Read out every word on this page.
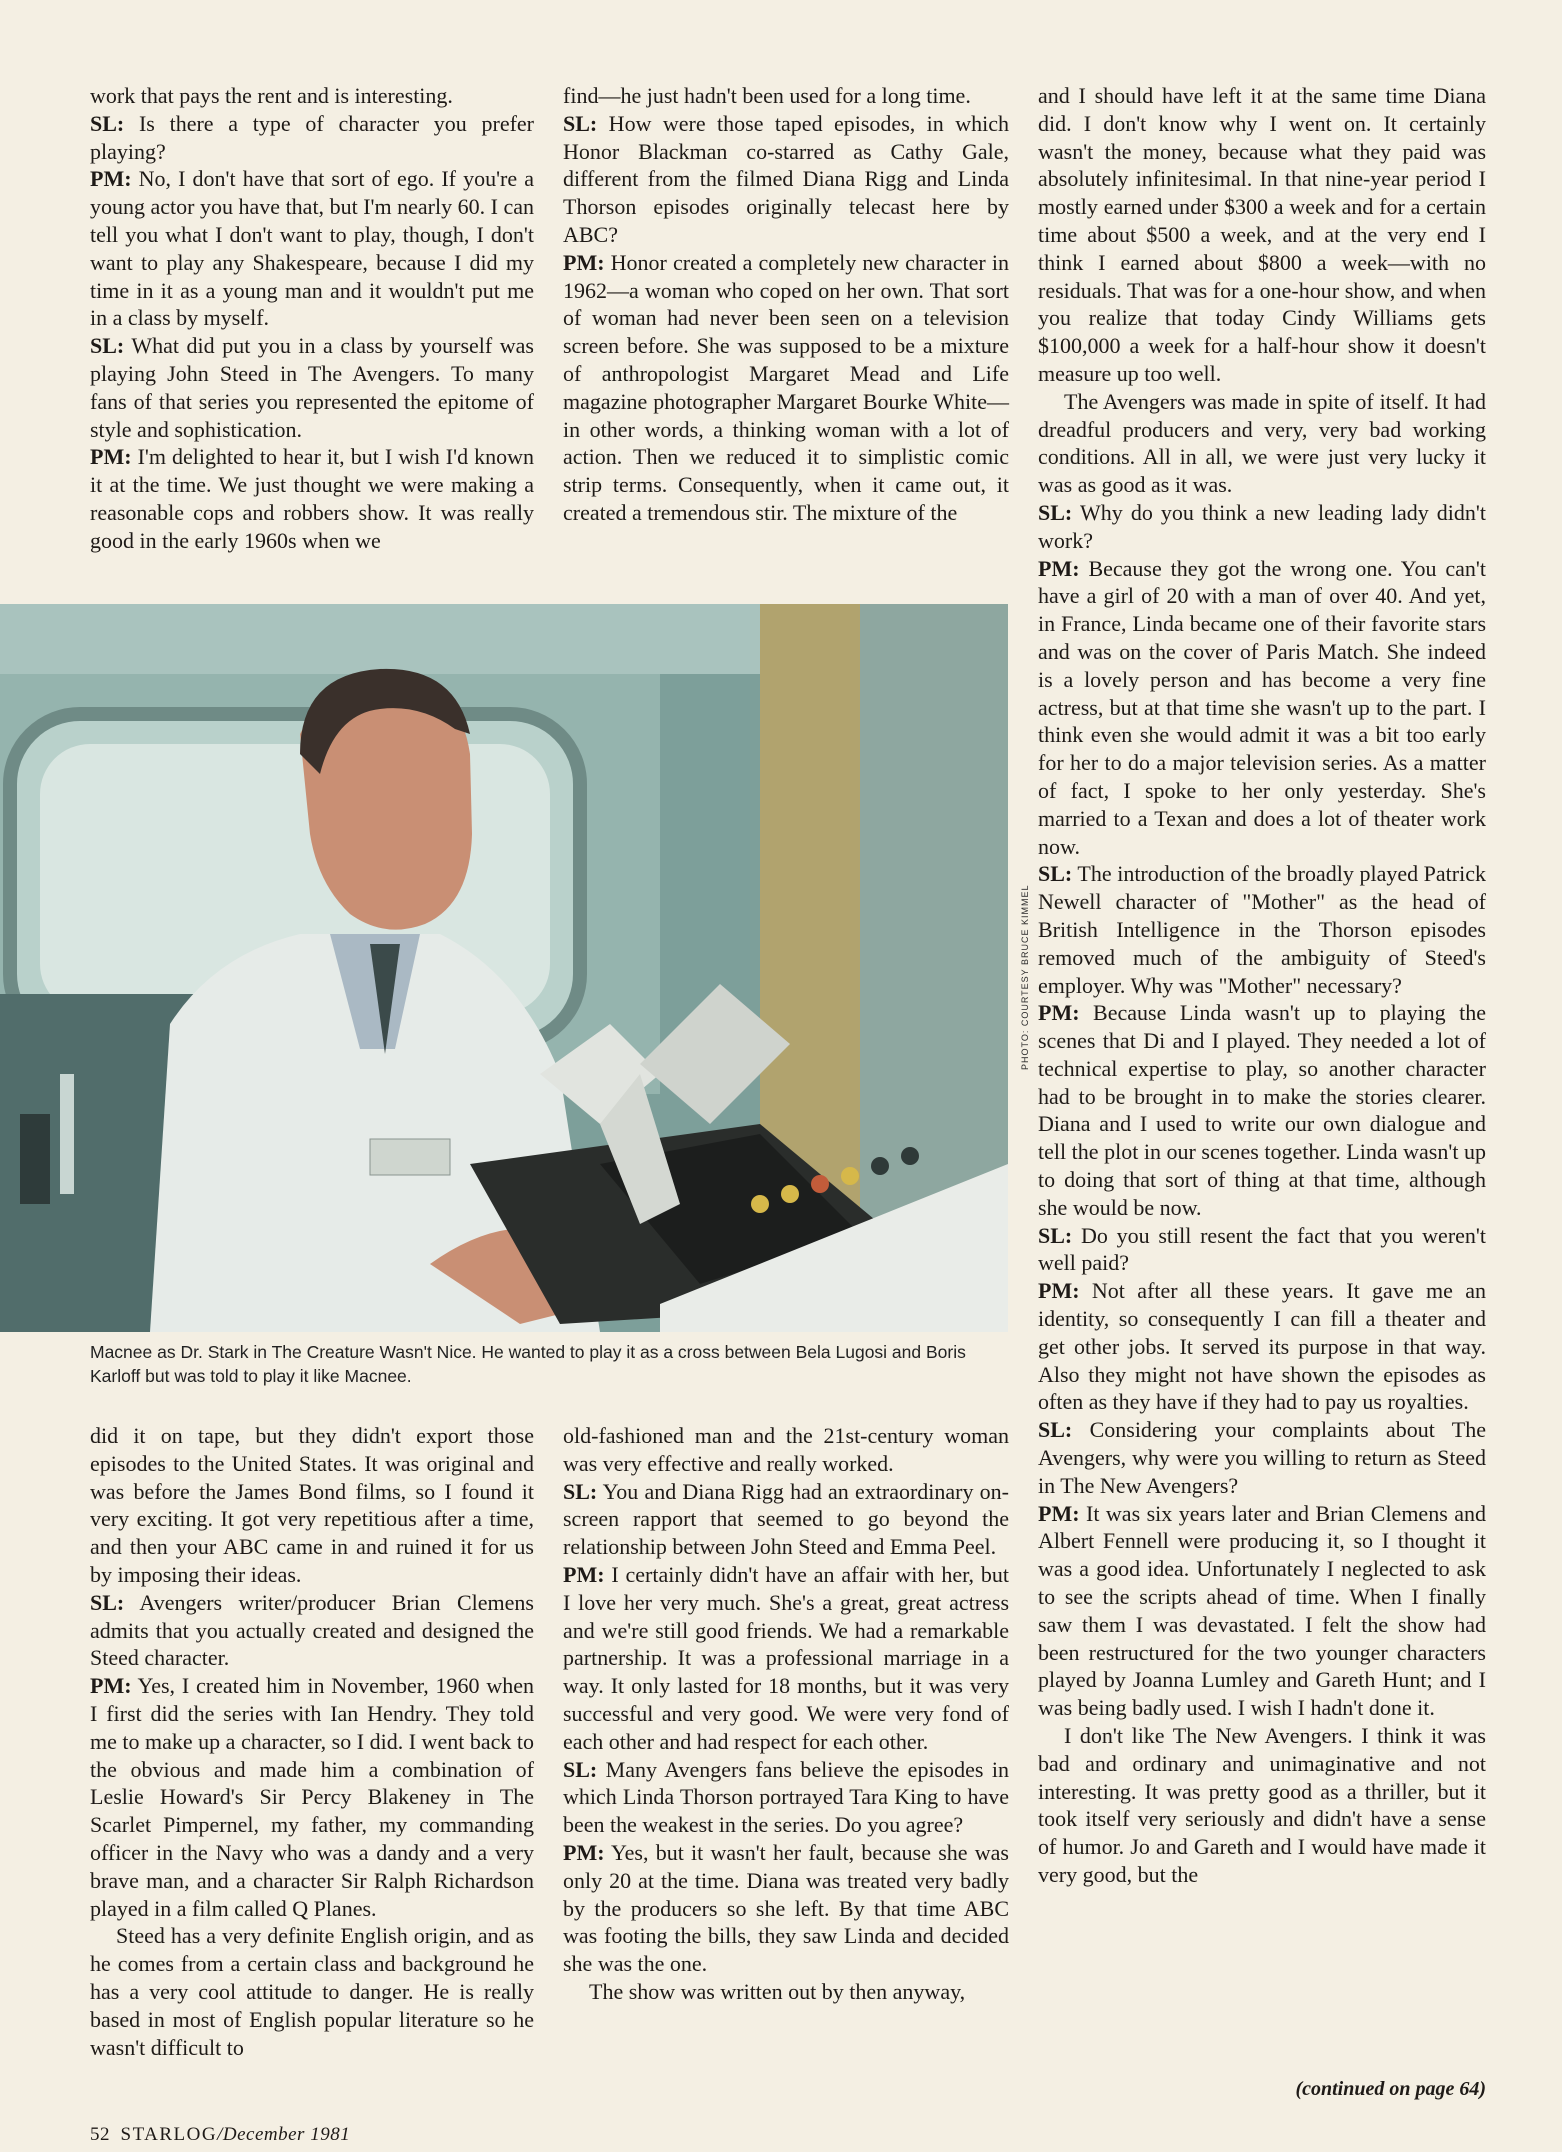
work that pays the rent and is interesting.

SL: Is there a type of character you prefer playing?

PM: No, I don't have that sort of ego. If you're a young actor you have that, but I'm nearly 60. I can tell you what I don't want to play, though, I don't want to play any Shakespeare, because I did my time in it as a young man and it wouldn't put me in a class by myself.

SL: What did put you in a class by yourself was playing John Steed in The Avengers. To many fans of that series you represented the epitome of style and sophistication.

PM: I'm delighted to hear it, but I wish I'd known it at the time. We just thought we were making a reasonable cops and robbers show. It was really good in the early 1960s when we

find—he just hadn't been used for a long time.

SL: How were those taped episodes, in which Honor Blackman co-starred as Cathy Gale, different from the filmed Diana Rigg and Linda Thorson episodes originally telecast here by ABC?

PM: Honor created a completely new character in 1962—a woman who coped on her own. That sort of woman had never been seen on a television screen before. She was supposed to be a mixture of anthropologist Margaret Mead and Life magazine photographer Margaret Bourke White—in other words, a thinking woman with a lot of action. Then we reduced it to simplistic comic strip terms. Consequently, when it came out, it created a tremendous stir. The mixture of the

and I should have left it at the same time Diana did. I don't know why I went on. It certainly wasn't the money, because what they paid was absolutely infinitesimal. In that nine-year period I mostly earned under $300 a week and for a certain time about $500 a week, and at the very end I think I earned about $800 a week—with no residuals. That was for a one-hour show, and when you realize that today Cindy Williams gets $100,000 a week for a half-hour show it doesn't measure up too well.

The Avengers was made in spite of itself. It had dreadful producers and very, very bad working conditions. All in all, we were just very lucky it was as good as it was.

SL: Why do you think a new leading lady didn't work?

PM: Because they got the wrong one. You can't have a girl of 20 with a man of over 40. And yet, in France, Linda became one of their favorite stars and was on the cover of Paris Match. She indeed is a lovely person and has become a very fine actress, but at that time she wasn't up to the part. I think even she would admit it was a bit too early for her to do a major television series. As a matter of fact, I spoke to her only yesterday. She's married to a Texan and does a lot of theater work now.

SL: The introduction of the broadly played Patrick Newell character of "Mother" as the head of British Intelligence in the Thorson episodes removed much of the ambiguity of Steed's employer. Why was "Mother" necessary?

PM: Because Linda wasn't up to playing the scenes that Di and I played. They needed a lot of technical expertise to play, so another character had to be brought in to make the stories clearer. Diana and I used to write our own dialogue and tell the plot in our scenes together. Linda wasn't up to doing that sort of thing at that time, although she would be now.

SL: Do you still resent the fact that you weren't well paid?

PM: Not after all these years. It gave me an identity, so consequently I can fill a theater and get other jobs. It served its purpose in that way. Also they might not have shown the episodes as often as they have if they had to pay us royalties.

SL: Considering your complaints about The Avengers, why were you willing to return as Steed in The New Avengers?

PM: It was six years later and Brian Clemens and Albert Fennell were producing it, so I thought it was a good idea. Unfortunately I neglected to ask to see the scripts ahead of time. When I finally saw them I was devastated. I felt the show had been restructured for the two younger characters played by Joanna Lumley and Gareth Hunt; and I was being badly used. I wish I hadn't done it.

I don't like The New Avengers. I think it was bad and ordinary and unimaginative and not interesting. It was pretty good as a thriller, but it took itself very seriously and didn't have a sense of humor. Jo and Gareth and I would have made it very good, but the

PHOTO: COURTESY BRUCE KIMMEL
Macnee as Dr. Stark in The Creature Wasn't Nice. He wanted to play it as a cross between Bela Lugosi and Boris Karloff but was told to play it like Macnee.

did it on tape, but they didn't export those episodes to the United States. It was original and was before the James Bond films, so I found it very exciting. It got very repetitious after a time, and then your ABC came in and ruined it for us by imposing their ideas.

SL: Avengers writer/producer Brian Clemens admits that you actually created and designed the Steed character.

PM: Yes, I created him in November, 1960 when I first did the series with Ian Hendry. They told me to make up a character, so I did. I went back to the obvious and made him a combination of Leslie Howard's Sir Percy Blakeney in The Scarlet Pimpernel, my father, my commanding officer in the Navy who was a dandy and a very brave man, and a character Sir Ralph Richardson played in a film called Q Planes.

Steed has a very definite English origin, and as he comes from a certain class and background he has a very cool attitude to danger. He is really based in most of English popular literature so he wasn't difficult to

old-fashioned man and the 21st-century woman was very effective and really worked.

SL: You and Diana Rigg had an extraordinary on-screen rapport that seemed to go beyond the relationship between John Steed and Emma Peel.

PM: I certainly didn't have an affair with her, but I love her very much. She's a great, great actress and we're still good friends. We had a remarkable partnership. It was a professional marriage in a way. It only lasted for 18 months, but it was very successful and very good. We were very fond of each other and had respect for each other.

SL: Many Avengers fans believe the episodes in which Linda Thorson portrayed Tara King to have been the weakest in the series. Do you agree?

PM: Yes, but it wasn't her fault, because she was only 20 at the time. Diana was treated very badly by the producers so she left. By that time ABC was footing the bills, they saw Linda and decided she was the one.

The show was written out by then anyway,

(continued on page 64)
52 STARLOG/December 1981
